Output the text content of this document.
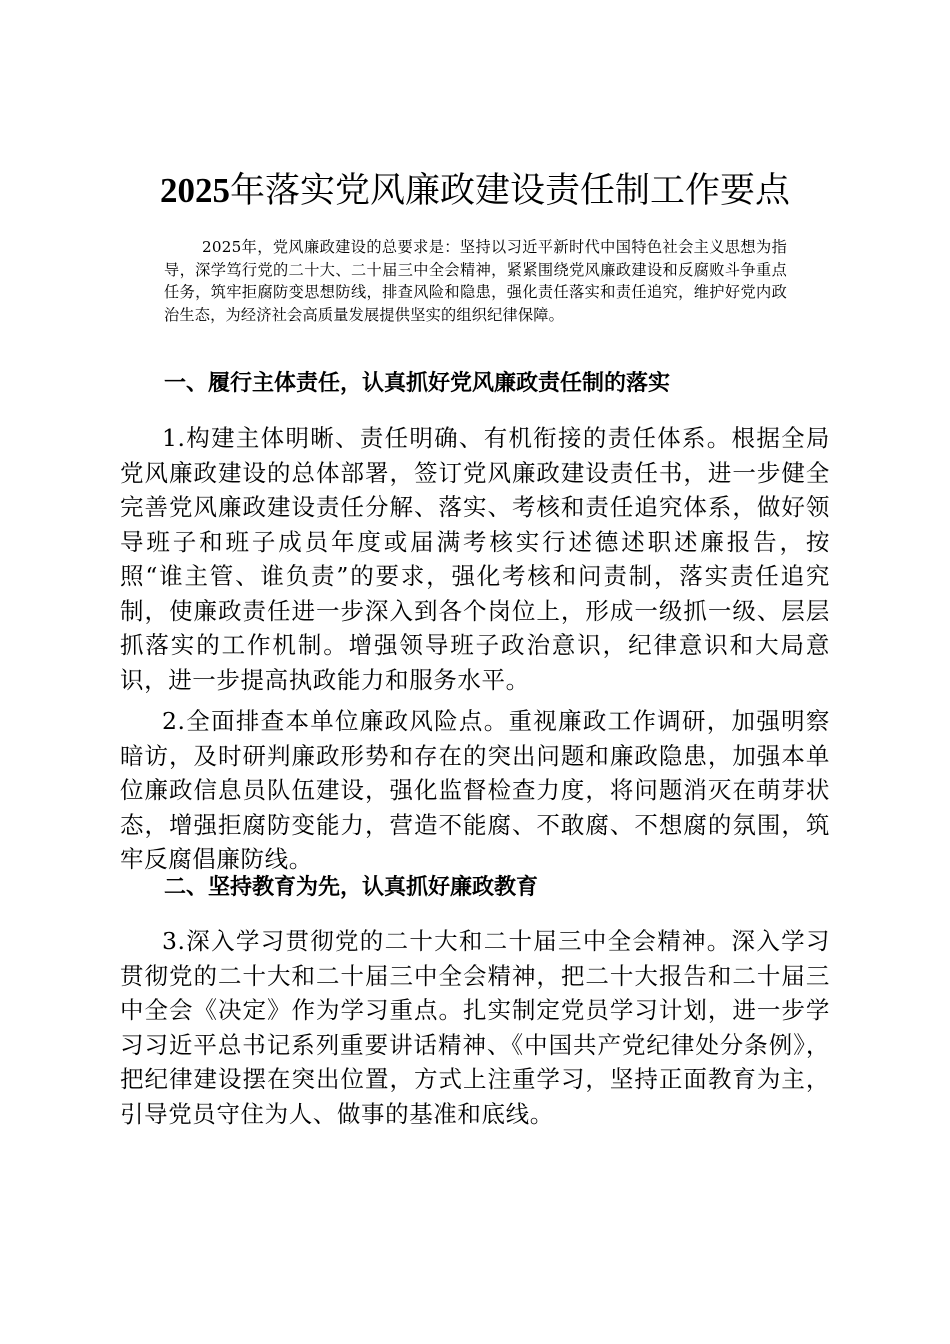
2025年落实党风廉政建设责任制工作要点

2025年，党风廉政建设的总要求是：坚持以习近平新时代中国特色社会主义思想为指导，深学笃行党的二十大、二十届三中全会精神，紧紧围绕党风廉政建设和反腐败斗争重点任务，筑牢拒腐防变思想防线，排查风险和隐患，强化责任落实和责任追究，维护好党内政治生态，为经济社会高质量发展提供坚实的组织纪律保障。

一、履行主体责任，认真抓好党风廉政责任制的落实

1.构建主体明晰、责任明确、有机衔接的责任体系。根据全局党风廉政建设的总体部署，签订党风廉政建设责任书，进一步健全完善党风廉政建设责任分解、落实、考核和责任追究体系，做好领导班子和班子成员年度或届满考核实行述德述职述廉报告，按照“谁主管、谁负责”的要求，强化考核和问责制，落实责任追究制，使廉政责任进一步深入到各个岗位上，形成一级抓一级、层层抓落实的工作机制。增强领导班子政治意识，纪律意识和大局意识，进一步提高执政能力和服务水平。

2.全面排查本单位廉政风险点。重视廉政工作调研，加强明察暗访，及时研判廉政形势和存在的突出问题和廉政隐患，加强本单位廉政信息员队伍建设，强化监督检查力度，将问题消灭在萌芽状态，增强拒腐防变能力，营造不能腐、不敢腐、不想腐的氛围，筑牢反腐倡廉防线。

二、坚持教育为先，认真抓好廉政教育

3.深入学习贯彻党的二十大和二十届三中全会精神。深入学习贯彻党的二十大和二十届三中全会精神，把二十大报告和二十届三中全会《决定》作为学习重点。扎实制定党员学习计划，进一步学习习近平总书记系列重要讲话精神、《中国共产党纪律处分条例》，把纪律建设摆在突出位置，方式上注重学习，坚持正面教育为主，引导党员守住为人、做事的基准和底线。
